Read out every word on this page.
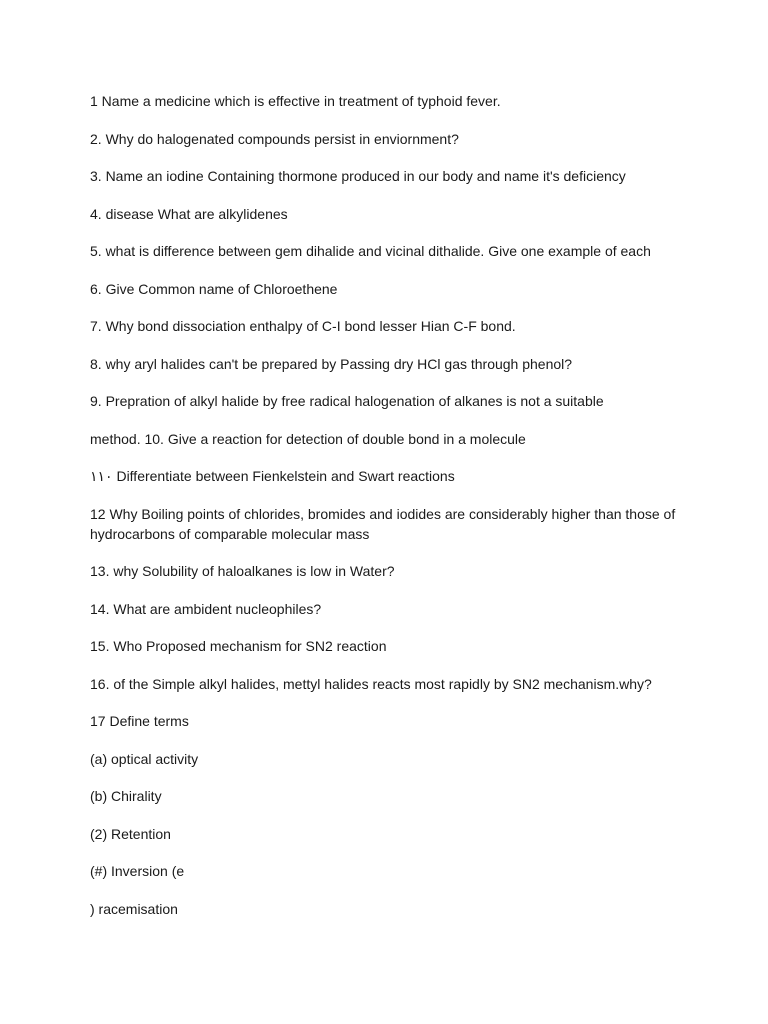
1 Name a medicine which is effective in treatment of typhoid fever.
2. Why do halogenated compounds persist in enviornment?
3. Name an iodine Containing thormone produced in our body and name it's deficiency
4. disease What are alkylidenes
5. what is difference between gem dihalide and vicinal dithalide. Give one example of each
6. Give Common name of Chloroethene
7. Why bond dissociation enthalpy of C-I bond lesser Hian C-F bond.
8. why aryl halides can't be prepared by Passing dry HCl gas through phenol?
9. Prepration of alkyl halide by free radical halogenation of alkanes is not a suitable
method. 10. Give a reaction for detection of double bond in a molecule
١١٠ Differentiate between Fienkelstein and Swart reactions
12 Why Boiling points of chlorides, bromides and iodides are considerably higher than those of hydrocarbons of comparable molecular mass
13. why Solubility of haloalkanes is low in Water?
14. What are ambident nucleophiles?
15. Who Proposed mechanism for SN2 reaction
16. of the Simple alkyl halides, mettyl halides reacts most rapidly by SN2 mechanism.why?
17 Define terms
(a) optical activity
(b) Chirality
(2) Retention
(#) Inversion (e
) racemisation
